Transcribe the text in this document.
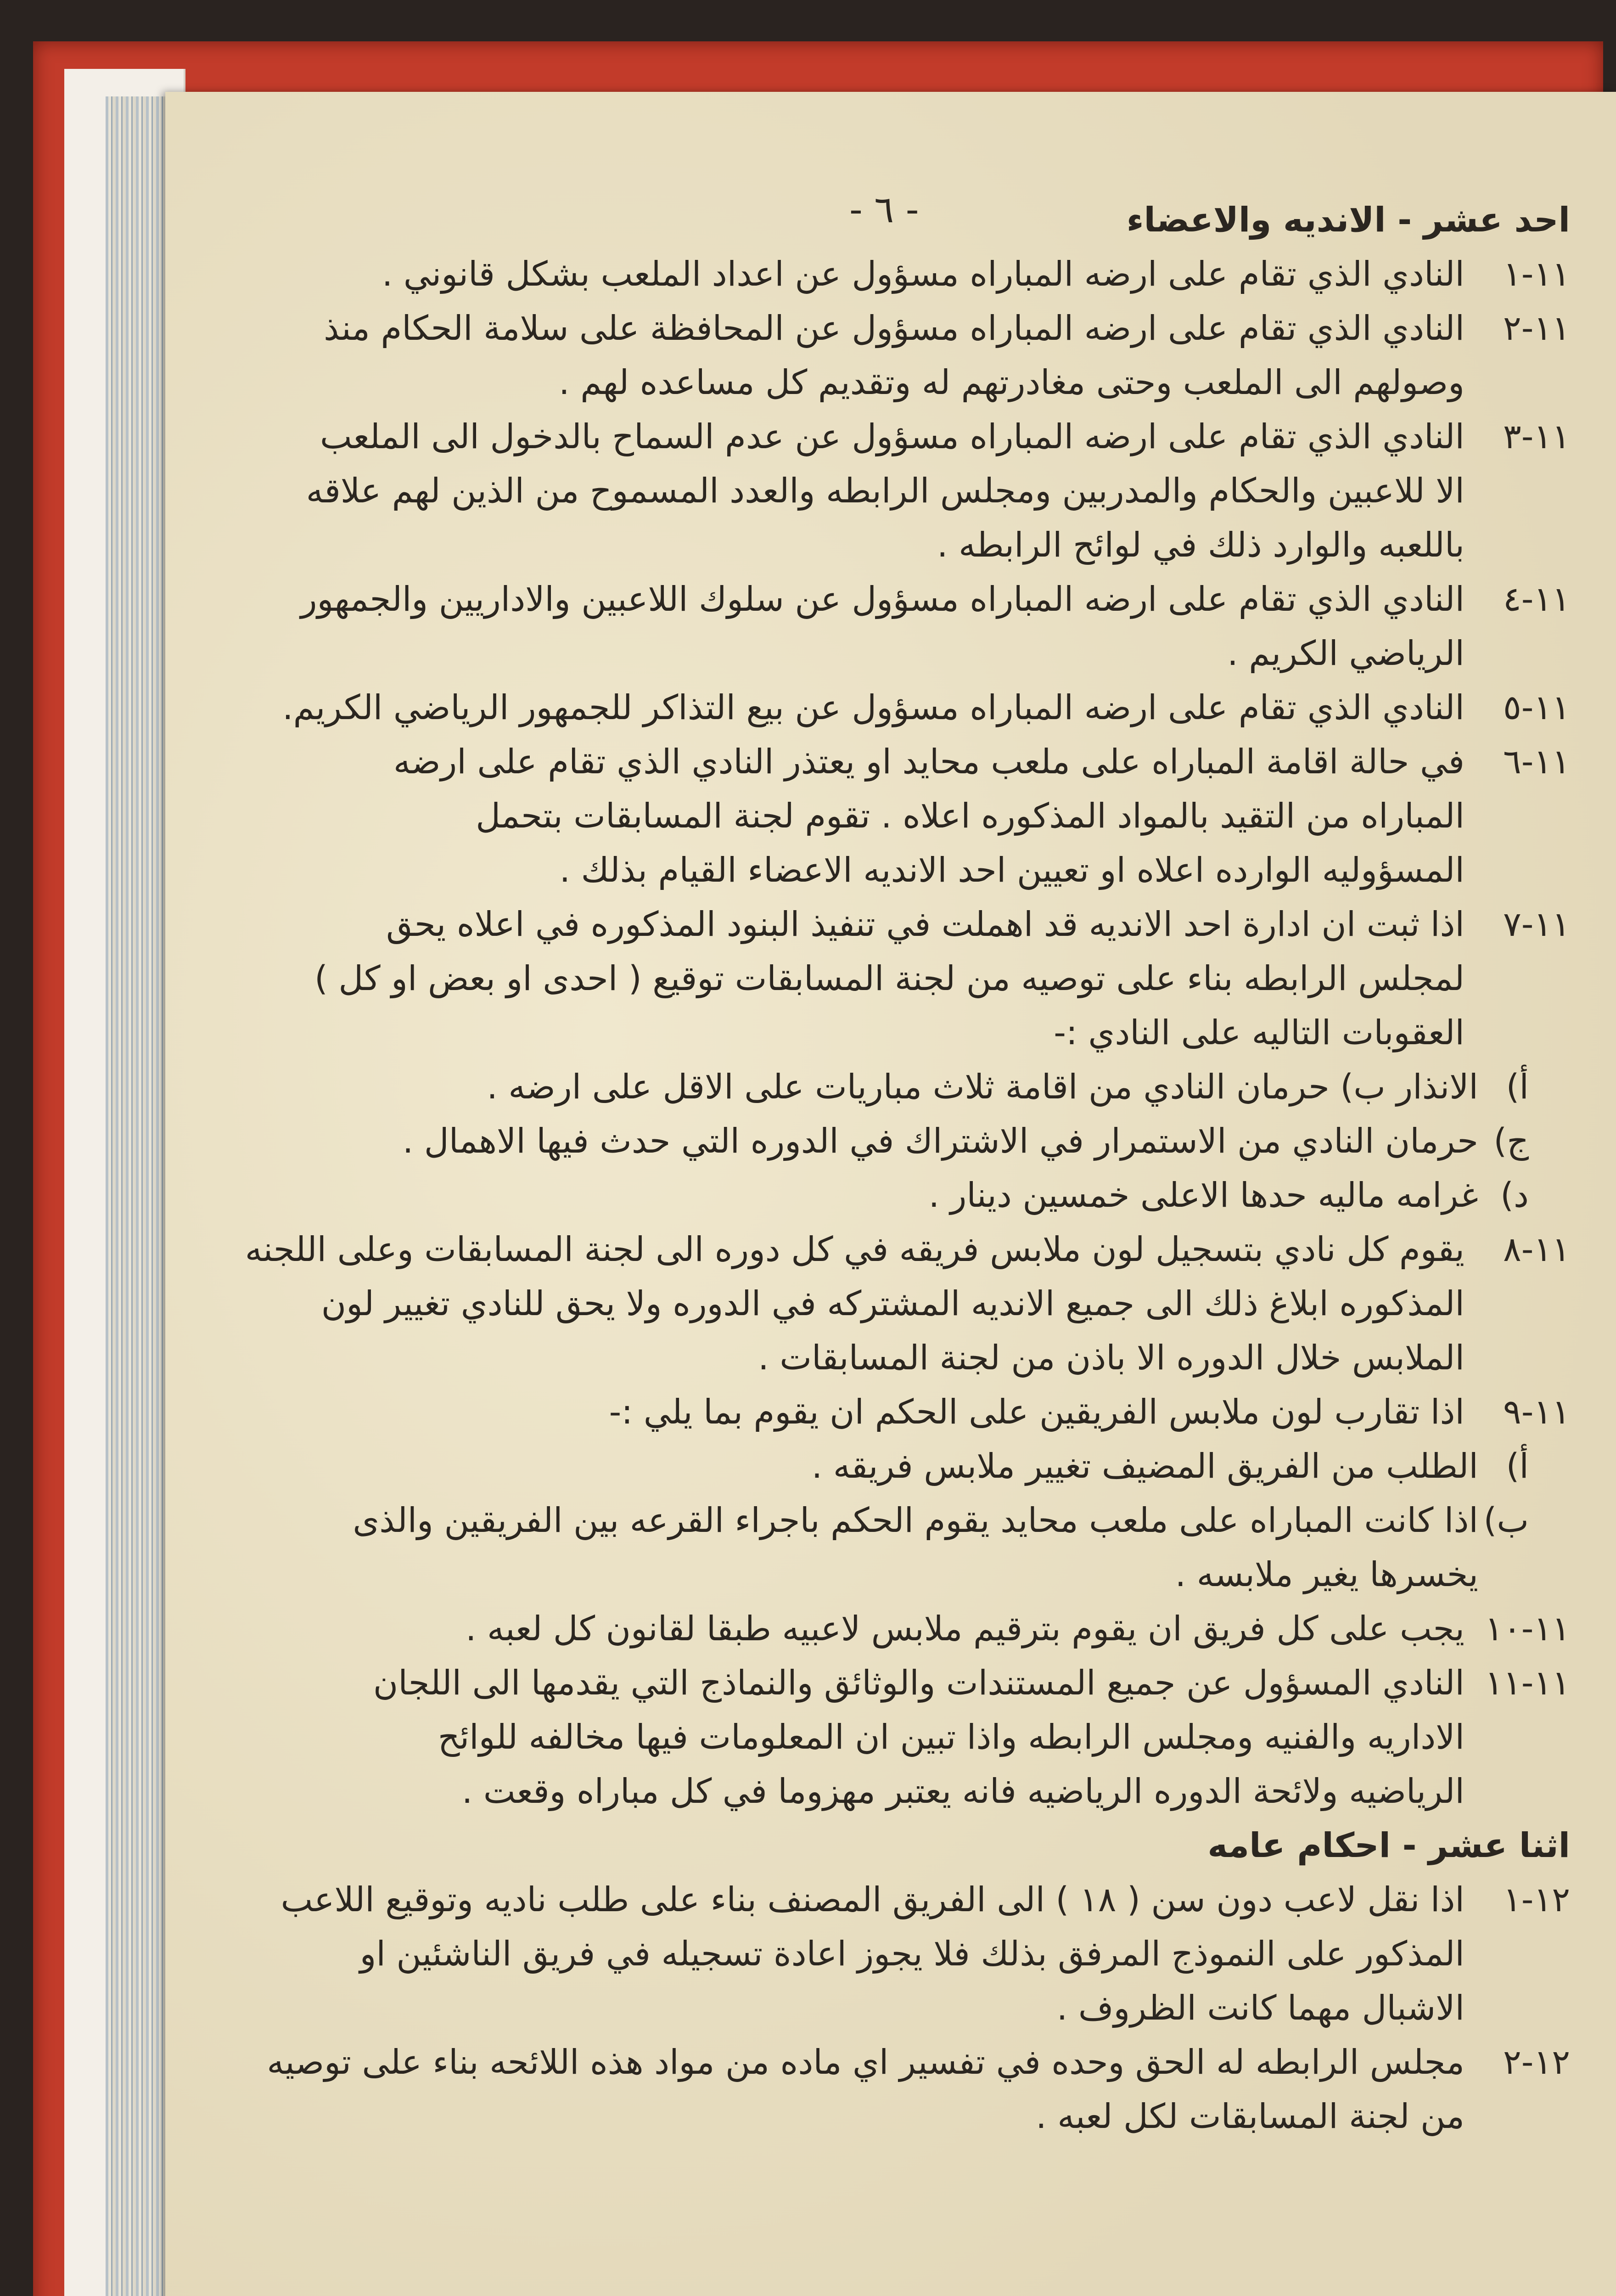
- ٦ -	احد عشر - الانديه والاعضاء
١١-١
النادي الذي تقام على ارضه المباراه مسؤول عن اعداد الملعب بشكل قانوني .
١١-٢
النادي الذي تقام على ارضه المباراه مسؤول عن المحافظة على سلامة الحكام منذ
وصولهم الى الملعب وحتى مغادرتهم له وتقديم كل مساعده لهم .
١١-٣
النادي الذي تقام على ارضه المباراه مسؤول عن عدم السماح بالدخول الى الملعب
الا للاعبين والحكام والمدربين ومجلس الرابطه والعدد المسموح من الذين لهم علاقه
باللعبه والوارد ذلك في لوائح الرابطه .
١١-٤
النادي الذي تقام على ارضه المباراه مسؤول عن سلوك اللاعبين والاداريين والجمهور
الرياضي الكريم .
١١-٥
النادي الذي تقام على ارضه المباراه مسؤول عن بيع التذاكر للجمهور الرياضي الكريم.
١١-٦
في حالة اقامة المباراه على ملعب محايد او يعتذر النادي الذي تقام على ارضه
المباراه من التقيد بالمواد المذكوره اعلاه . تقوم لجنة المسابقات بتحمل
المسؤوليه الوارده اعلاه او تعيين احد الانديه الاعضاء القيام بذلك .
١١-٧
اذا ثبت ان ادارة احد الانديه قد اهملت في تنفيذ البنود المذكوره في اعلاه يحق
لمجلس الرابطه بناء على توصيه من لجنة المسابقات توقيع ( احدى او بعض او كل )
العقوبات التاليه على النادي :-
أ)
الانذار ب) حرمان النادي من اقامة ثلاث مباريات على الاقل على ارضه .
ج)
حرمان النادي من الاستمرار في الاشتراك في الدوره التي حدث فيها الاهمال .
د)
غرامه ماليه حدها الاعلى خمسين دينار .
١١-٨
يقوم كل نادي بتسجيل لون ملابس فريقه في كل دوره الى لجنة المسابقات وعلى اللجنه
المذكوره ابلاغ ذلك الى جميع الانديه المشتركه في الدوره ولا يحق للنادي تغيير لون
الملابس خلال الدوره الا باذن من لجنة المسابقات .
١١-٩
اذا تقارب لون ملابس الفريقين على الحكم ان يقوم بما يلي :-
أ)
الطلب من الفريق المضيف تغيير ملابس فريقه .
ب)
اذا كانت المباراه على ملعب محايد يقوم الحكم باجراء القرعه بين الفريقين والذى
يخسرها يغير ملابسه .
١١-١٠
يجب على كل فريق ان يقوم بترقيم ملابس لاعبيه طبقا لقانون كل لعبه .
١١-١١
النادي المسؤول عن جميع المستندات والوثائق والنماذج التي يقدمها الى اللجان
الاداريه والفنيه ومجلس الرابطه واذا تبين ان المعلومات فيها مخالفه للوائح
الرياضيه ولائحة الدوره الرياضيه فانه يعتبر مهزوما في كل مباراه وقعت .
اثنا عشر - احكام عامه
١٢-١
اذا نقل لاعب دون سن ( ١٨ ) الى الفريق المصنف بناء على طلب ناديه وتوقيع اللاعب
المذكور على النموذج المرفق بذلك فلا يجوز اعادة تسجيله في فريق الناشئين او
الاشبال مهما كانت الظروف .
١٢-٢
مجلس الرابطه له الحق وحده في تفسير اي ماده من مواد هذه اللائحه بناء على توصيه
من لجنة المسابقات لكل لعبه .
